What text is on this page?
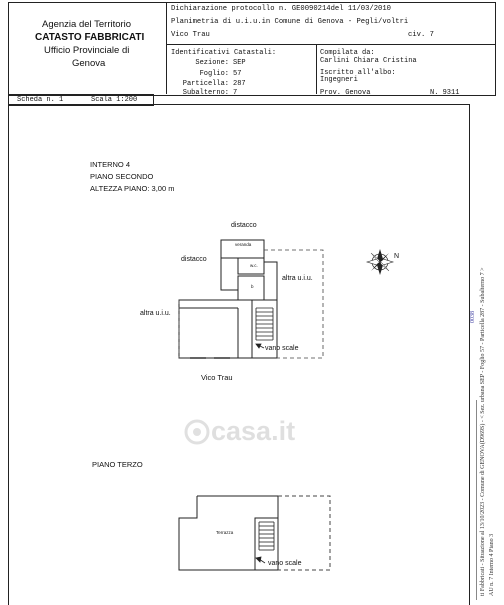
Agenzia del Territorio
CATASTO FABBRICATI
Ufficio Provinciale di
Genova
Dichiarazione protocollo n. GE0090214del 11/03/2010
Planimetria di u.i.u.in Comune di Genova - Pegli/voltri
Vico Trau	civ. 7
Identificativi Catastali:
Sezione: SEP
Foglio: 57
Particella: 287
Subalterno: 7
Compilata da:
Carlini Chiara Cristina
Iscritto all'albo:
Ingegneri
Prov. Genova	N. 9311
Scheda n. 1	Scala 1:200
INTERNO 4
PIANO SECONDO
ALTEZZA PIANO: 3,00 m
distacco
distacco
veranda
w.c.
b
altra u.i.u.
altra u.i.u.
vano scale
Vico Trau
PIANO TERZO
Terrazza
vano scale
N
casa.it	ti Fabbricati - Situazione al 13/10/2023 - Comune di GENOVA(D969S) - < Sez. urbana SEP - Foglio 57 - Particella 287 - Subalterno 7 > AU n. 7 Interno 4 Piano 3
0038
